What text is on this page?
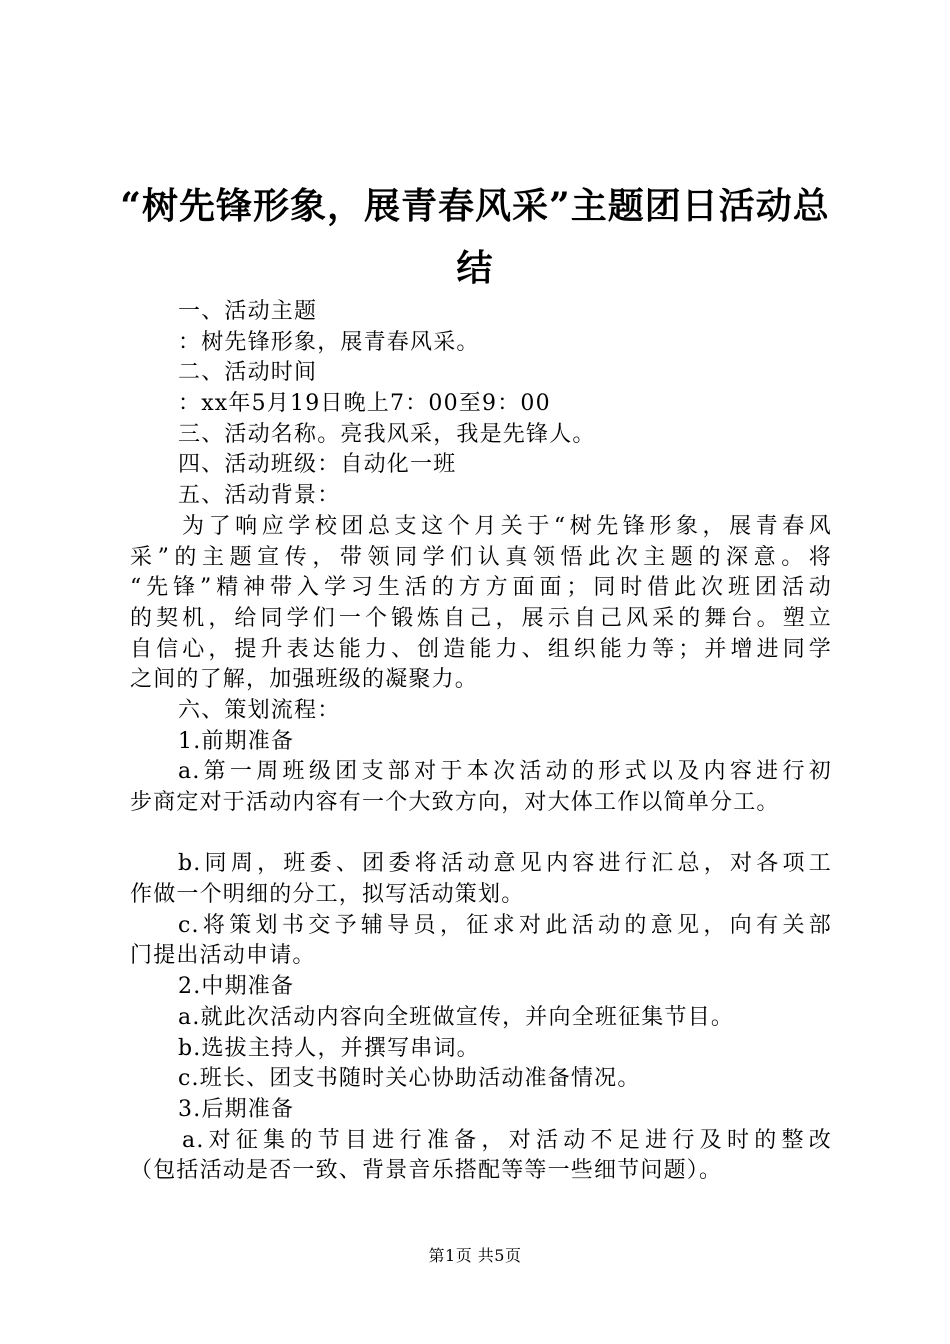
“树先锋形象，展青春风采”主题团日活动总
结
一、活动主题
：树先锋形象，展青春风采。
二、活动时间
：xx年5月19日晚上7：00至9：00
三、活动名称。亮我风采，我是先锋人。
四、活动班级：自动化一班
五、活动背景：
为了响应学校团总支这个月关于“树先锋形象，展青春风
采”的主题宣传，带领同学们认真领悟此次主题的深意。将
“先锋”精神带入学习生活的方方面面；同时借此次班团活动
的契机，给同学们一个锻炼自己，展示自己风采的舞台。塑立
自信心，提升表达能力、创造能力、组织能力等；并增进同学
之间的了解，加强班级的凝聚力。
六、策划流程：
1.前期准备
a.第一周班级团支部对于本次活动的形式以及内容进行初
步商定对于活动内容有一个大致方向，对大体工作以简单分工。
b.同周，班委、团委将活动意见内容进行汇总，对各项工
作做一个明细的分工，拟写活动策划。
c.将策划书交予辅导员，征求对此活动的意见，向有关部
门提出活动申请。
2.中期准备
a.就此次活动内容向全班做宣传，并向全班征集节目。
b.选拔主持人，并撰写串词。
c.班长、团支书随时关心协助活动准备情况。
3.后期准备
a.对征集的节目进行准备，对活动不足进行及时的整改
（包括活动是否一致、背景音乐搭配等等一些细节问题）。
第1页 共5页
